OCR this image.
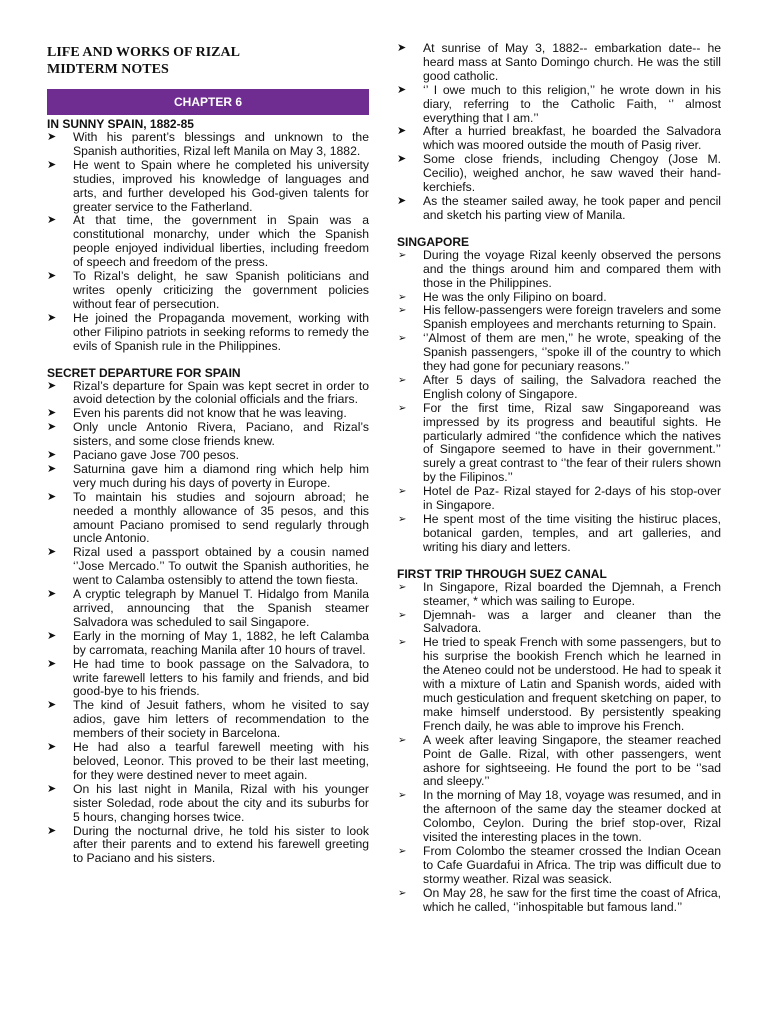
LIFE AND WORKS OF RIZAL
MIDTERM NOTES
CHAPTER 6
IN SUNNY SPAIN, 1882-85
➤ With his parent’s blessings and unknown to the Spanish authorities, Rizal left Manila on May 3, 1882.
➤ He went to Spain where he completed his university studies, improved his knowledge of languages and arts, and further developed his God-given talents for greater service to the Fatherland.
➤ At that time, the government in Spain was a constitutional monarchy, under which the Spanish people enjoyed individual liberties, including freedom of speech and freedom of the press.
➤ To Rizal’s delight, he saw Spanish politicians and writes openly criticizing the government policies without fear of persecution.
➤ He joined the Propaganda movement, working with other Filipino patriots in seeking reforms to remedy the evils of Spanish rule in the Philippines.
SECRET DEPARTURE FOR SPAIN
➤ Rizal’s departure for Spain was kept secret in order to avoid detection by the colonial officials and the friars.
➤ Even his parents did not know that he was leaving.
➤ Only uncle Antonio Rivera, Paciano, and Rizal’s sisters, and some close friends knew.
➤ Paciano gave Jose 700 pesos.
➤ Saturnina gave him a diamond ring which help him very much during his days of poverty in Europe.
➤ To maintain his studies and sojourn abroad; he needed a monthly allowance of 35 pesos, and this amount Paciano promised to send regularly through uncle Antonio.
➤ Rizal used a passport obtained by a cousin named ‘’Jose Mercado.’’ To outwit the Spanish authorities, he went to Calamba ostensibly to attend the town fiesta.
➤ A cryptic telegraph by Manuel T. Hidalgo from Manila arrived, announcing that the Spanish steamer Salvadora was scheduled to sail Singapore.
➤ Early in the morning of May 1, 1882, he left Calamba by carromata, reaching Manila after 10 hours of travel.
➤ He had time to book passage on the Salvadora, to write farewell letters to his family and friends, and bid good-bye to his friends.
➤ The kind of Jesuit fathers, whom he visited to say adios, gave him letters of recommendation to the members of their society in Barcelona.
➤ He had also a tearful farewell meeting with his beloved, Leonor. This proved to be their last meeting, for they were destined never to meet again.
➤ On his last night in Manila, Rizal with his younger sister Soledad, rode about the city and its suburbs for 5 hours, changing horses twice.
➤ During the nocturnal drive, he told his sister to look after their parents and to extend his farewell greeting to Paciano and his sisters.
➤ At sunrise of May 3, 1882-- embarkation date-- he heard mass at Santo Domingo church. He was the still good catholic.
➤ ‘’ I owe much to this religion,’’ he wrote down in his diary, referring to the Catholic Faith, ‘’ almost everything that I am.’’
➤ After a hurried breakfast, he boarded the Salvadora which was moored outside the mouth of Pasig river.
➤ Some close friends, including Chengoy (Jose M. Cecilio), weighed anchor, he saw waved their hand-kerchiefs.
➤ As the steamer sailed away, he took paper and pencil and sketch his parting view of Manila.
SINGAPORE
➢ During the voyage Rizal keenly observed the persons and the things around him and compared them with those in the Philippines.
➢ He was the only Filipino on board.
➢ His fellow-passengers were foreign travelers and some Spanish employees and merchants returning to Spain.
➢ ‘’Almost of them are men,’’ he wrote, speaking of the Spanish passengers, ‘’spoke ill of the country to which they had gone for pecuniary reasons.’’
➢ After 5 days of sailing, the Salvadora reached the English colony of Singapore.
➢ For the first time, Rizal saw Singaporeand was impressed by its progress and beautiful sights. He particularly admired ‘’the confidence which the natives of Singapore seemed to have in their government.’’ surely a great contrast to ‘’the fear of their rulers shown by the Filipinos.’’
➢ Hotel de Paz- Rizal stayed for 2-days of his stop-over in Singapore.
➢ He spent most of the time visiting the histiruc places, botanical garden, temples, and art galleries, and writing his diary and letters.
FIRST TRIP THROUGH SUEZ CANAL
➢ In Singapore, Rizal boarded the Djemnah, a French steamer, * which was sailing to Europe.
➢ Djemnah- was a larger and cleaner than the Salvadora.
➢ He tried to speak French with some passengers, but to his surprise the bookish French which he learned in the Ateneo could not be understood. He had to speak it with a mixture of Latin and Spanish words, aided with much gesticulation and frequent sketching on paper, to make himself understood. By persistently speaking French daily, he was able to improve his French.
➢ A week after leaving Singapore, the steamer reached Point de Galle. Rizal, with other passengers, went ashore for sightseeing. He found the port to be ‘’sad and sleepy.’’
➢ In the morning of May 18, voyage was resumed, and in the afternoon of the same day the steamer docked at Colombo, Ceylon. During the brief stop-over, Rizal visited the interesting places in the town.
➢ From Colombo the steamer crossed the Indian Ocean to Cafe Guardafui in Africa. The trip was difficult due to stormy weather. Rizal was seasick.
➢ On May 28, he saw for the first time the coast of Africa, which he called, ‘’inhospitable but famous land.’’
